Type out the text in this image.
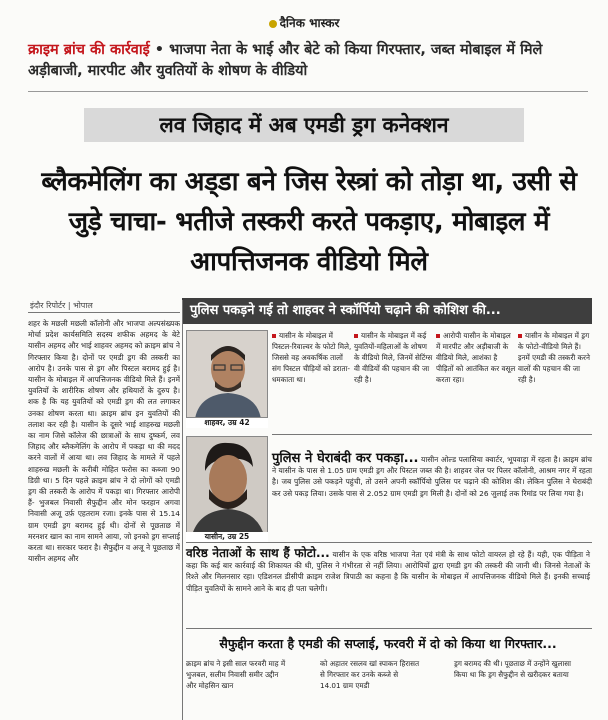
दैनिक भास्कर
क्राइम ब्रांच की कार्रवाई • भाजपा नेता के भाई और बेटे को किया गिरफ्तार, जब्त मोबाइल में मिले अड़ीबाजी, मारपीट और युवतियों के शोषण के वीडियो
लव जिहाद में अब एमडी ड्रग कनेक्शन
ब्लैकमेलिंग का अड्‌डा बने जिस रेस्त्रां को तोड़ा था, उसी से जुड़े चाचा- भतीजे तस्करी करते पकड़ाए, मोबाइल में आपत्तिजनक वीडियो मिले
इंदौर रिपोर्टर | भोपाल
शहर के मछली मछली कॉलोनी और भाजपा अल्पसंख्यक मोर्चा प्रदेश कार्यसमिति सदस्य शफीक अहमद के बेटे यासीन अहमद और भाई शाहवर अहमद को क्राइम ब्रांच ने गिरफ्तार किया है। दोनों पर एमडी ड्रग की तस्करी का आरोप है। उनके पास से ड्रग और पिस्टल बरामद हुई है। यासीन के मोबाइल में आपत्तिजनक वीडियो मिले हैं। इनमें युवतियों के शारीरिक शोषण और हथियारों के दुरुप है। शक है कि यह युवतियों को एमडी ड्रग की लत लगाकर उनका शोषण करता था। क्राइम ब्रांच इन युवतियों की तलाश कर रही है। यासीन के दूसरे भाई शाहरुख मछली का नाम जिसे कॉलेज की छात्राओं के साथ दुष्कर्म, लव जिहाद और ब्लैकमेलिंग के आरोप में पकड़ा था की मदद करने वालों में आया था। लव जिहाद के मामले में पहले शाहरुख मछली के करीबी मोहित फरोस का कब्जा 90 डिग्री था। 5 दिन पहले क्राइम ब्रांच ने दो लोगों को एमडी ड्रग की तस्करी के आरोप में पकड़ा था। गिरफ्तार आरोपी हैं- भुजबल निवासी सैफुद्दीन और मोन फरहान अगवा निवासी अजू उर्फ़ एहतराम रजा। इनके पास से 15.14 ग्राम एमडी ड्रग बरामद हुई थी। दोनों से पूछताछ में मरनशर खान का नाम सामने आया, जो इनको ड्रग सप्लाई करता था। सरकार फरार है। सैफुद्दीन व अजू ने पूछताछ में यासीन अहमद और
पुलिस पकड़ने गई तो शाहवर ने स्कॉर्पियो चढ़ाने की कोशिश की...
शाहवर, उम्र 42
यासीन, उम्र 25
यासीन के मोबाइल में पिस्टल-रिवाल्वर के फोटो मिले, जिससे वह अवकर्षिक तालों संग पिस्टल चीड़ियों को डराता-धमकाता था।
यासीन के मोबाइल में कई युवतियों-महिलाओं के शोषण के वीडियो मिले, जिनमें सेटिंग्स वी वीडियों की पहचान की जा रही है।
आरोपी यासीन के मोबाइल में मारपीट और अड़ीबाजी के वीडियो मिले, आशंका है पीड़ितों को आतंकित कर वसूल करता रहा।
यासीन के मोबाइल में ड्रग के फोटो-वीडियो मिले हैं। इनमें एमडी की तस्करी करने वालों की पहचान की जा रही है।
पुलिस ने घेराबंदी कर पकड़ा... यासीन ओल्ड पलासिया क्वार्टर, भूपवाड़ा में रहता है। क्राइम ब्रांच ने यासीन के पास से 1.05 ग्राम एमडी ड्रग और पिस्टल जब्त की है। शाहवर जेल पर पिलर कॉलोनी, आश्रम नगर में रहता है। जब पुलिस उसे पकड़ने पहुंची, तो उसने अपनी स्कॉर्पियो पुलिस पर चढ़ाने की कोशिश की। लेकिन पुलिस ने घेराबंदी कर उसे पकड़ लिया। उसके पास से 2.052 ग्राम एमडी ड्रग मिली है। दोनों को 26 जुलाई तक रिमांड पर लिया गया है।
वरिष्ठ नेताओं के साथ हैं फोटो... यासीन के एक वरिष्ठ भाजपा नेता एवं मंत्री के साथ फोटो वायरल हो रहे हैं। यही, एक पीड़िता ने कहा कि कई बार कार्रवाई की शिकायत की थी, पुलिस ने गंभीरता से नहीं लिया। आरोपियों द्वारा एमडी ड्रग की तस्करी की जानी थी। जिनसे नेताओं के रिश्ते और मिलनसार रहा। एडिशनल डीसीपी क्राइम राजेश त्रिपाठी का कहना है कि यासीन के मोबाइल में आपत्तिजनक वीडियो मिले हैं। इनकी सच्चाई पीड़ित युवतियों के सामने आने के बाद ही पता चलेगी।
सैफुद्दीन करता है एमडी की सप्लाई, फरवरी में दो को किया था गिरफ्तार...
क्राइम ब्रांच ने इसी साल फरवरी माह में भुजबल, सलीम निवासी समीर उद्दीन और मोहसिन खान
को अहातर रसलव खां स्पाकन हिरासत से गिरफ्तार कर उनके कब्जे से 14.01 ग्राम एमडी
ड्रग बरामद की थी। पूछताछ में उन्होंने खुलासा किया था कि ड्रग सैफुद्दीन से खरीदकर बताया
